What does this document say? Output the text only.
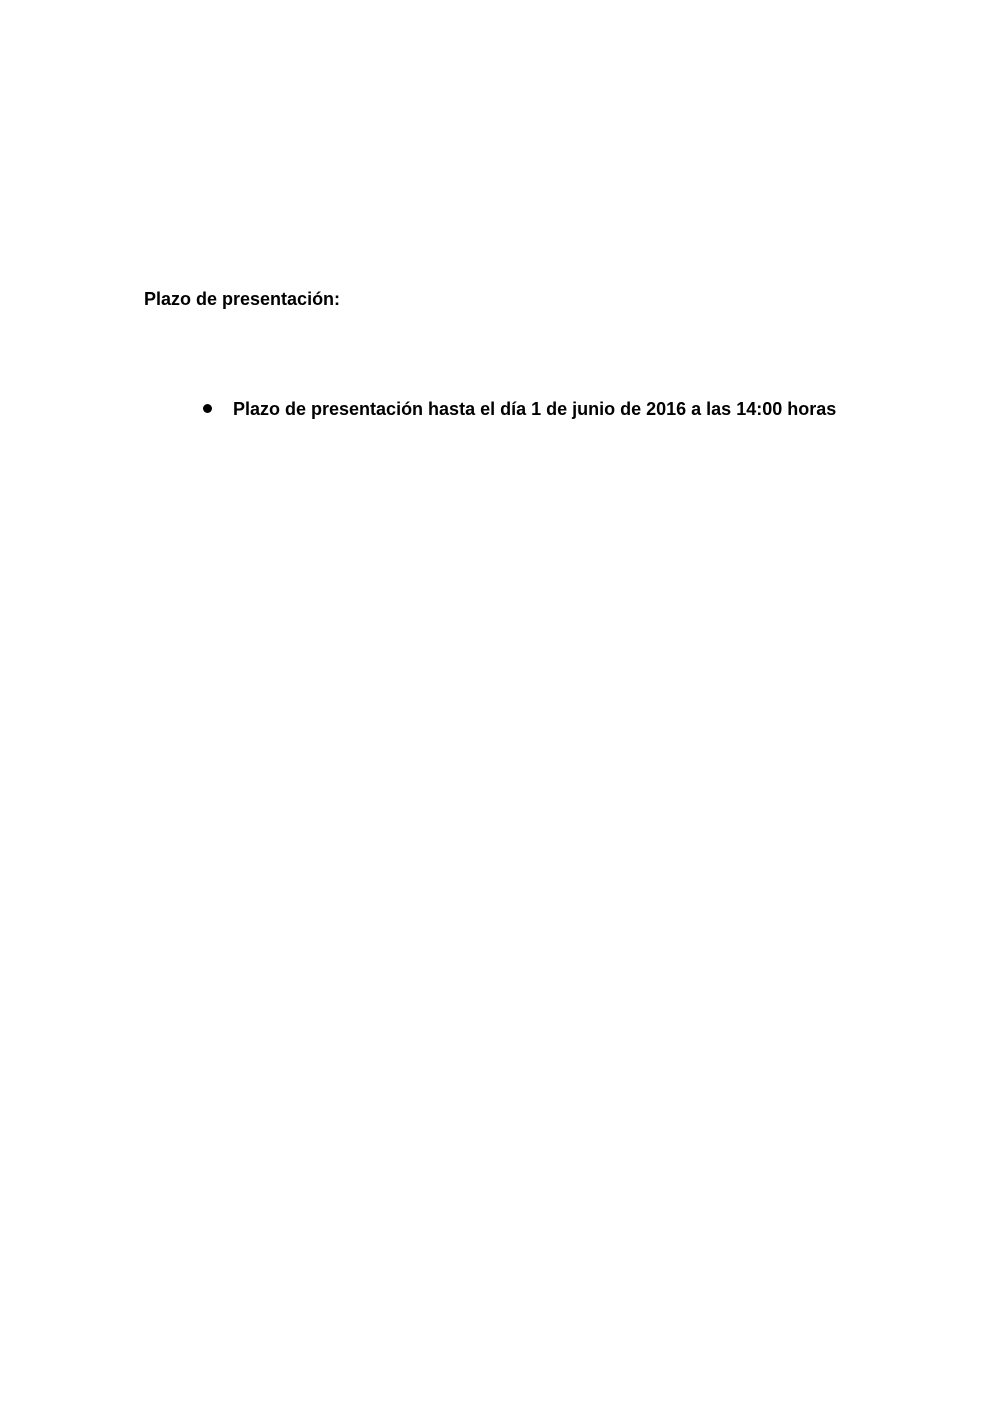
Plazo de presentación:
Plazo de presentación hasta el día 1 de junio de 2016 a las 14:00 horas
